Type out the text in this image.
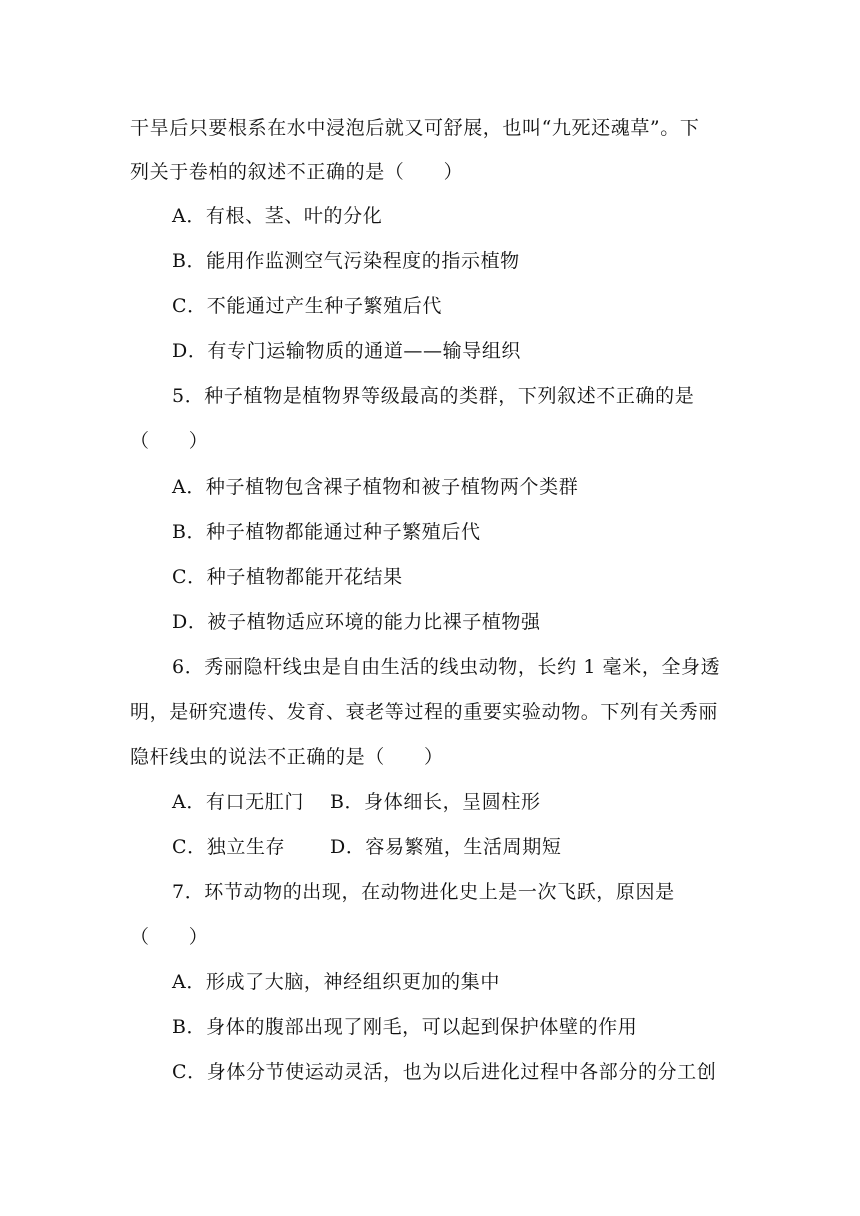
干旱后只要根系在水中浸泡后就又可舒展，也叫“九死还魂草”。下
列关于卷柏的叙述不正确的是（　　）
A．有根、茎、叶的分化
B．能用作监测空气污染程度的指示植物
C．不能通过产生种子繁殖后代
D．有专门运输物质的通道——输导组织
5．种子植物是植物界等级最高的类群，下列叙述不正确的是
（　　）
A．种子植物包含裸子植物和被子植物两个类群
B．种子植物都能通过种子繁殖后代
C．种子植物都能开花结果
D．被子植物适应环境的能力比裸子植物强
6．秀丽隐杆线虫是自由生活的线虫动物，长约 1 毫米，全身透
明，是研究遗传、发育、衰老等过程的重要实验动物。下列有关秀丽
隐杆线虫的说法不正确的是（　　）
A．有口无肛门 B．身体细长，呈圆柱形
C．独立生存 D．容易繁殖，生活周期短
7．环节动物的出现，在动物进化史上是一次飞跃，原因是
（　　）
A．形成了大脑，神经组织更加的集中
B．身体的腹部出现了刚毛，可以起到保护体壁的作用
C．身体分节使运动灵活，也为以后进化过程中各部分的分工创
